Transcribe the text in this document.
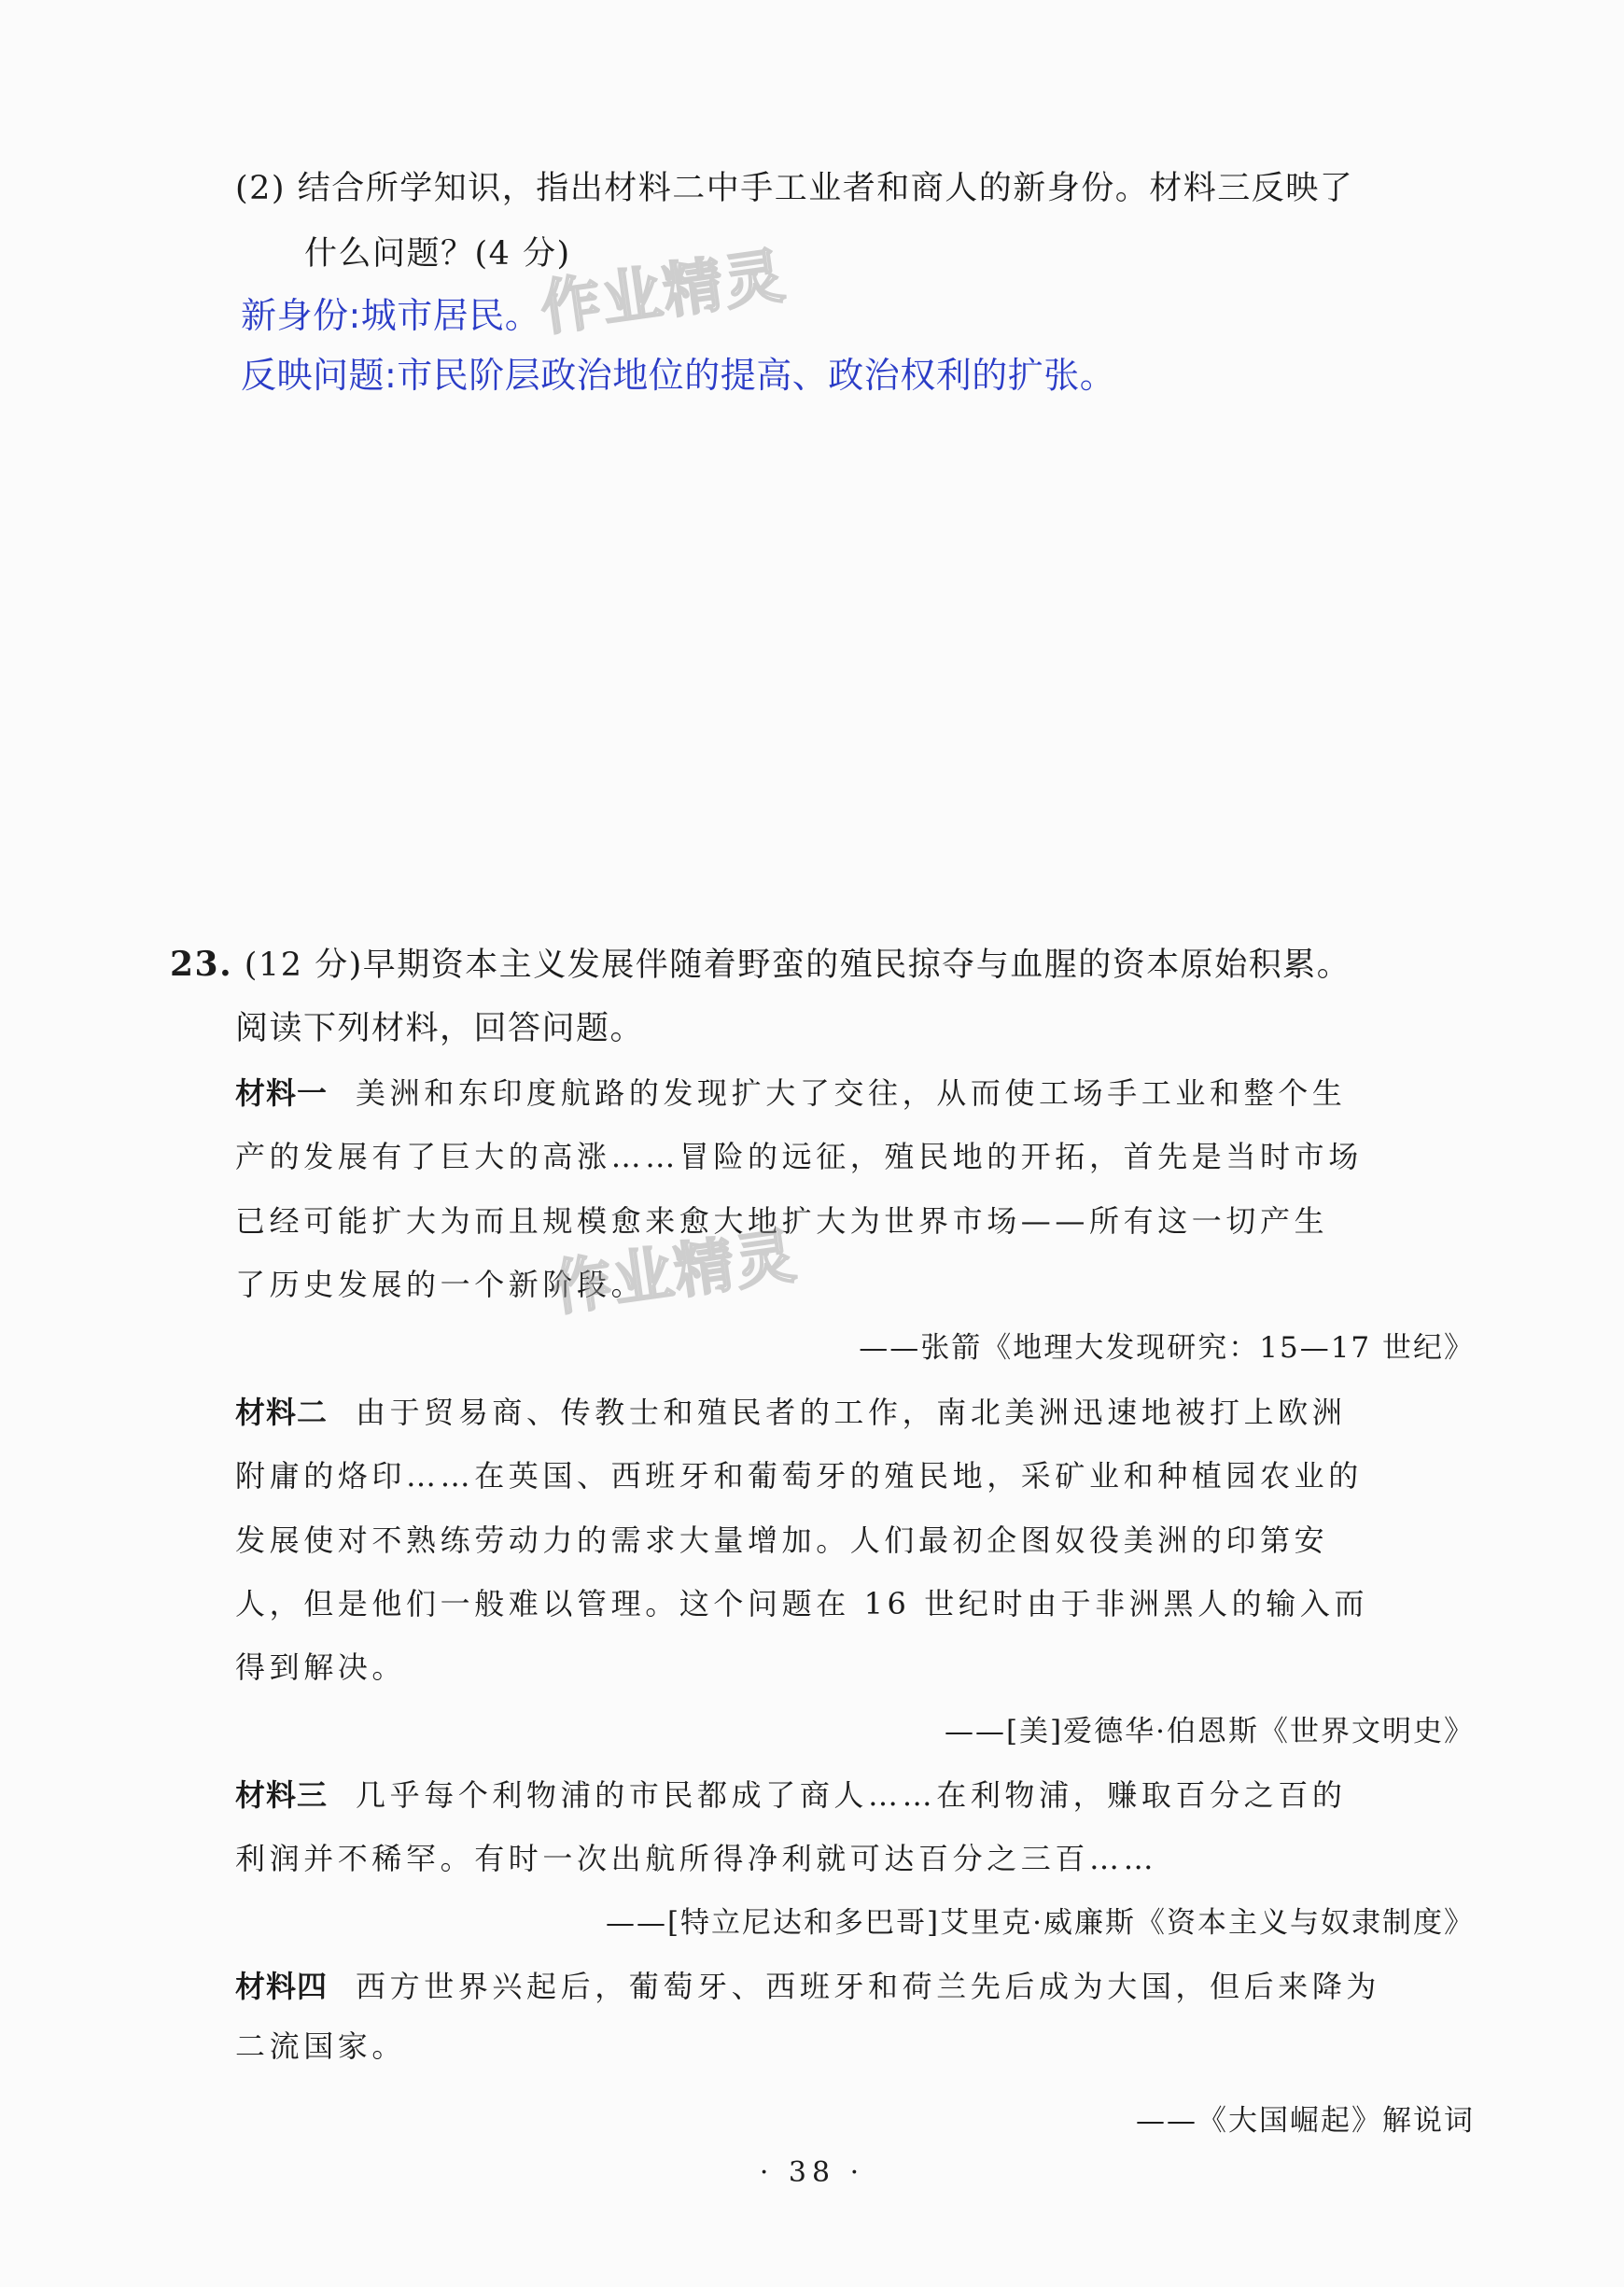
(2) 结合所学知识，指出材料二中手工业者和商人的新身份。材料三反映了
什么问题？(4 分)
新身份:城市居民。
反映问题:市民阶层政治地位的提高、政治权利的扩张。
作业精灵
23. (12 分)早期资本主义发展伴随着野蛮的殖民掠夺与血腥的资本原始积累。
阅读下列材料，回答问题。
材料一 美洲和东印度航路的发现扩大了交往，从而使工场手工业和整个生
产的发展有了巨大的高涨……冒险的远征，殖民地的开拓，首先是当时市场
已经可能扩大为而且规模愈来愈大地扩大为世界市场——所有这一切产生
了历史发展的一个新阶段。
——张箭《地理大发现研究：15—17 世纪》
作业精灵
材料二 由于贸易商、传教士和殖民者的工作，南北美洲迅速地被打上欧洲
附庸的烙印……在英国、西班牙和葡萄牙的殖民地，采矿业和种植园农业的
发展使对不熟练劳动力的需求大量增加。人们最初企图奴役美洲的印第安
人，但是他们一般难以管理。这个问题在 16 世纪时由于非洲黑人的输入而
得到解决。
——[美]爱德华·伯恩斯《世界文明史》
材料三 几乎每个利物浦的市民都成了商人……在利物浦，赚取百分之百的
利润并不稀罕。有时一次出航所得净利就可达百分之三百……
——[特立尼达和多巴哥]艾里克·威廉斯《资本主义与奴隶制度》
材料四 西方世界兴起后，葡萄牙、西班牙和荷兰先后成为大国，但后来降为
二流国家。
——《大国崛起》解说词
· 38 ·
